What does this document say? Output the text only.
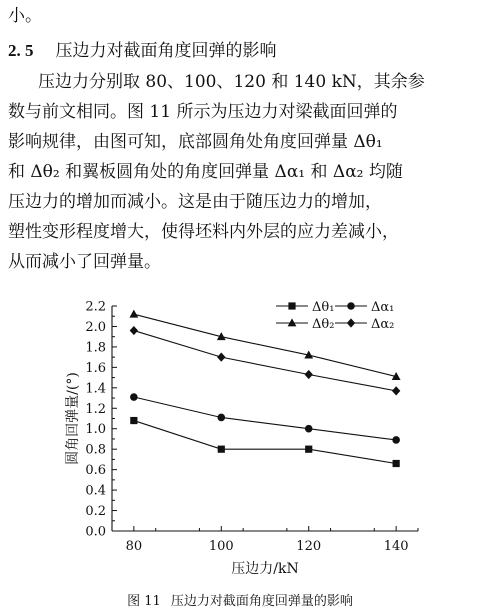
小。
2. 5 压边力对截面角度回弹的影响
压边力分别取 80、100、120 和 140 kN，其余参
数与前文相同。图 11 所示为压边力对梁截面回弹的
影响规律，由图可知，底部圆角处角度回弹量 Δθ₁
和 Δθ₂ 和翼板圆角处的角度回弹量 Δα₁ 和 Δα₂ 均随
压边力的增加而减小。这是由于随压边力的增加，
塑性变形程度增大，使得坯料内外层的应力差减小，
从而减小了回弹量。
0.0
0.2
0.4
0.6
0.8
1.0
1.2
1.4
1.6
1.8
2.0
2.2
80	100	120	140
压边力/kN
圆角回弹量/(°)
Δθ₁	Δα₁
Δθ₂	Δα₂
图 11 压边力对截面角度回弹量的影响
